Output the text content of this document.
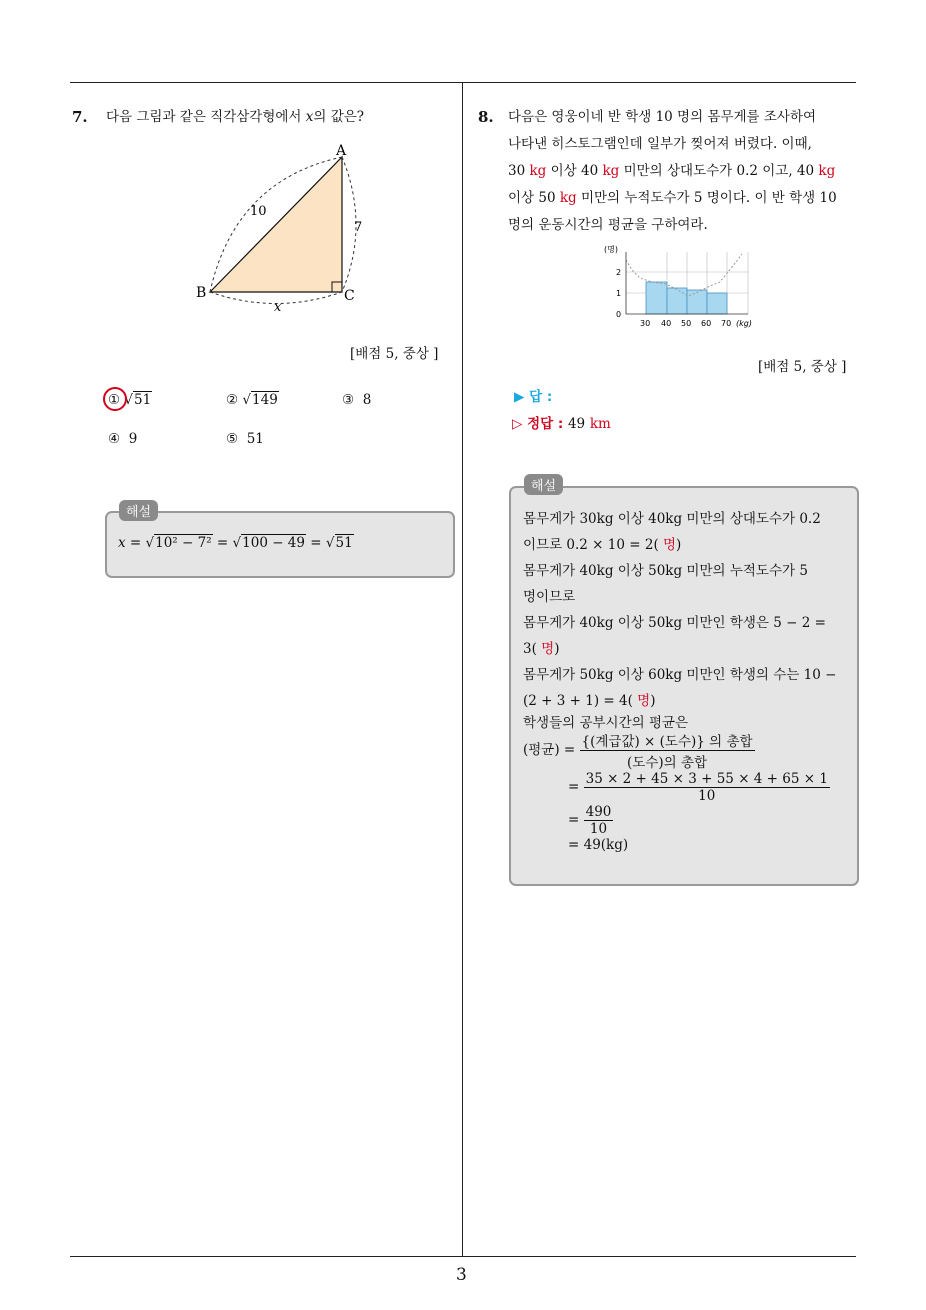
3
7. 다음 그림과 같은 직각삼각형에서 x의 값은?
A
B	C
10
7
x
[배점 5, 중상 ]
① √51	② √149	③ 8
④ 9	⑤ 51
해설
x = √10² − 7² = √100 − 49 = √51
8. 다음은 영웅이네 반 학생 10 명의 몸무게를 조사하여
나타낸 히스토그램인데 일부가 찢어져 버렸다. 이때,
30 kg 이상 40 kg 미만의 상대도수가 0.2 이고, 40 kg
이상 50 kg 미만의 누적도수가 5 명이다. 이 반 학생 10
명의 운동시간의 평균을 구하여라.
(명)
2
1
0
30 40 50 60 70 (kg)
[배점 5, 중상 ]
▶ 답 :
▷ 정답 : 49 km
해설
몸무게가 30kg 이상 40kg 미만의 상대도수가 0.2
이므로 0.2 × 10 = 2( 명)
몸무게가 40kg 이상 50kg 미만의 누적도수가 5
명이므로
몸무게가 40kg 이상 50kg 미만인 학생은 5 − 2 =
3( 명)
몸무게가 50kg 이상 60kg 미만인 학생의 수는 10 −
(2 + 3 + 1) = 4( 명)
학생들의 공부시간의 평균은
(평균) = $\frac{\text{\{(계급값) × (도수)\} 의 총합}}{\text{(도수)의 총합}}$
= $\frac{35 \times 2 + 45 \times 3 + 55 \times 4 + 65 \times 1}{10}$
= $\frac{490}{10}$
= 49(kg)
